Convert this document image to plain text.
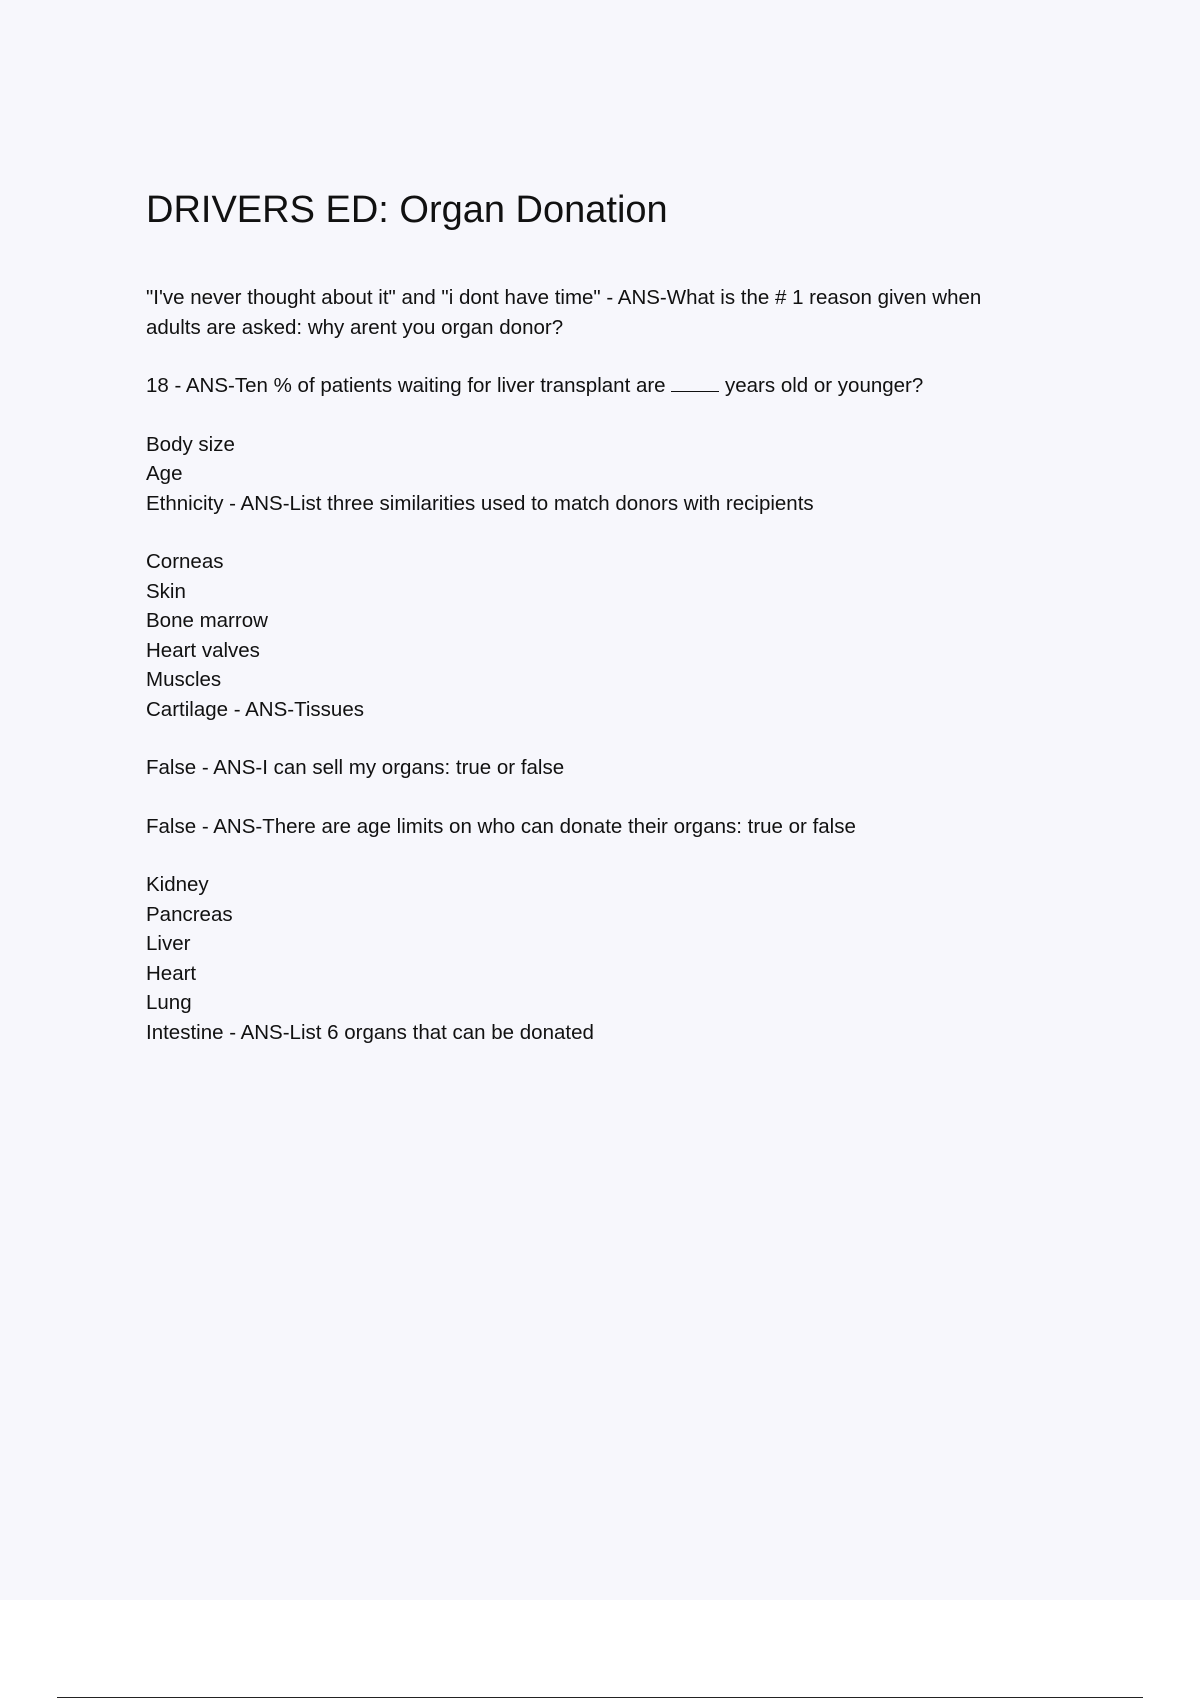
DRIVERS ED: Organ Donation
"I've never thought about it" and "i dont have time" - ANS-What is the # 1 reason given when
adults are asked: why arent you organ donor?
18 - ANS-Ten % of patients waiting for liver transplant are  years old or younger?
Body size
Age
Ethnicity - ANS-List three similarities used to match donors with recipients
Corneas
Skin
Bone marrow
Heart valves
Muscles
Cartilage - ANS-Tissues
False - ANS-I can sell my organs: true or false
False - ANS-There are age limits on who can donate their organs: true or false
Kidney
Pancreas
Liver
Heart
Lung
Intestine - ANS-List 6 organs that can be donated
